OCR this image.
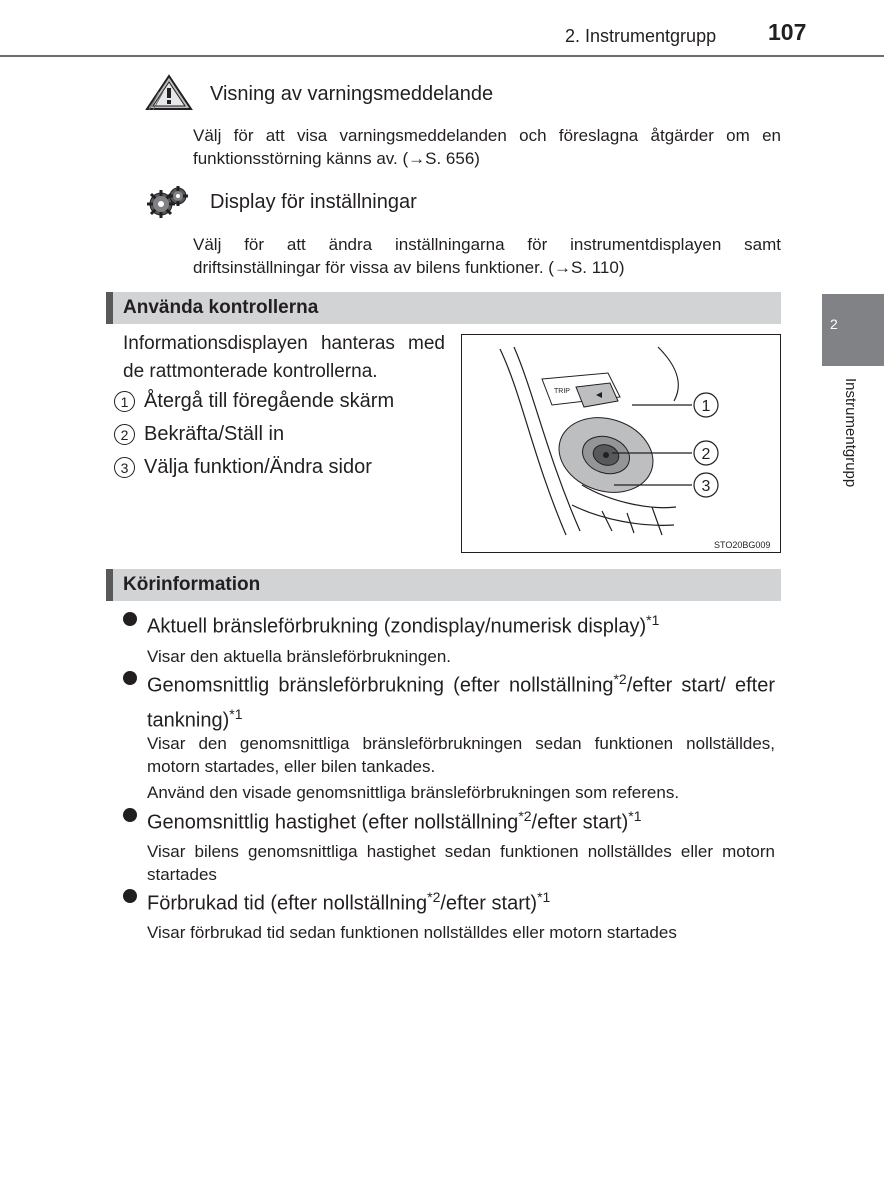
2. Instrumentgrupp 107
2
Instrumentgrupp
Visning av varningsmeddelande
Välj för att visa varningsmeddelanden och föreslagna åtgärder om en funktionsstörning känns av. (→S. 656)
Display för inställningar
Välj för att ändra inställningarna för instrumentdisplayen samt driftsinställningar för vissa av bilens funktioner. (→S. 110)
Använda kontrollerna
Informationsdisplayen hanteras med de rattmonterade kontrollerna.
1 Återgå till föregående skärm
2 Bekräfta/Ställ in
3 Välja funktion/Ändra sidor
TRIP
1
2
3
STO20BG009
Körinformation
Aktuell bränsleförbrukning (zondisplay/numerisk display)$^{*1}$
Visar den aktuella bränsleförbrukningen.
Genomsnittlig bränsleförbrukning (efter nollställning$^{*2}$/efter start/ efter tankning)$^{*1}$
Visar den genomsnittliga bränsleförbrukningen sedan funktionen nollställdes, motorn startades, eller bilen tankades.
Använd den visade genomsnittliga bränsleförbrukningen som referens.
Genomsnittlig hastighet (efter nollställning$^{*2}$/efter start)$^{*1}$
Visar bilens genomsnittliga hastighet sedan funktionen nollställdes eller motorn startades
Förbrukad tid (efter nollställning$^{*2}$/efter start)$^{*1}$
Visar förbrukad tid sedan funktionen nollställdes eller motorn startades
